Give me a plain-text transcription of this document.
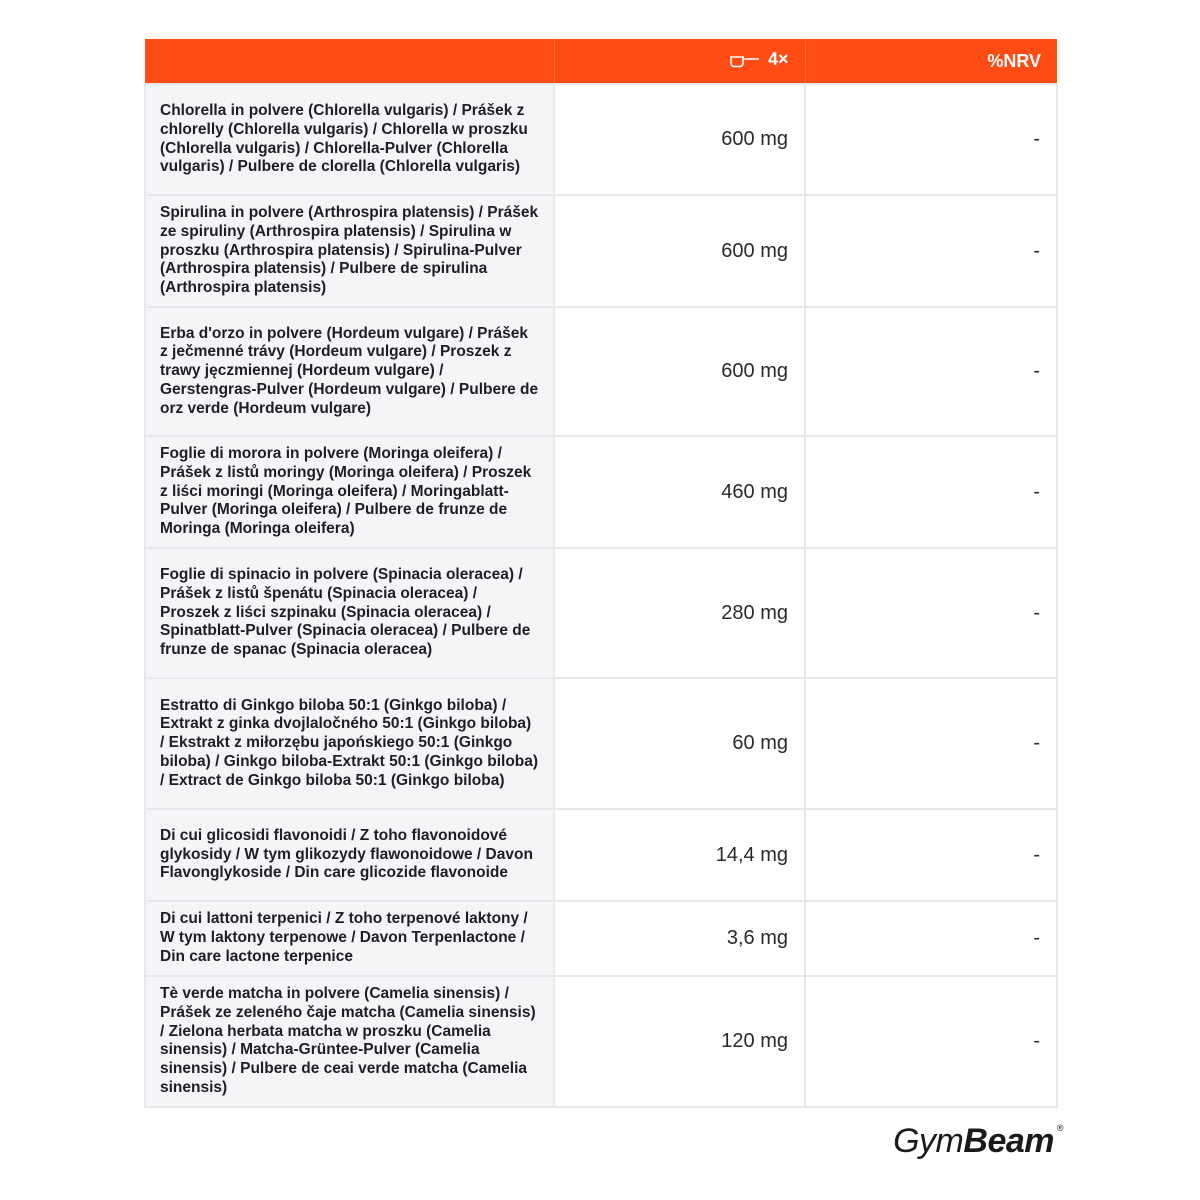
	4×	%NRV
Chlorella in polvere (Chlorella vulgaris) / Prášek z chlorelly (Chlorella vulgaris) / Chlorella w proszku (Chlorella vulgaris) / Chlorella-Pulver (Chlorella vulgaris) / Pulbere de clorella (Chlorella vulgaris)	600 mg	-
Spirulina in polvere (Arthrospira platensis) / Prášek ze spiruliny (Arthrospira platensis) / Spirulina w proszku (Arthrospira platensis) / Spirulina-Pulver (Arthrospira platensis) / Pulbere de spirulina (Arthrospira platensis)	600 mg	-
Erba d'orzo in polvere (Hordeum vulgare) / Prášek z ječmenné trávy (Hordeum vulgare) / Proszek z trawy jęczmiennej (Hordeum vulgare) / Gerstengras-Pulver (Hordeum vulgare) / Pulbere de orz verde (Hordeum vulgare)	600 mg	-
Foglie di morora in polvere (Moringa oleifera) / Prášek z listů moringy (Moringa oleifera) / Proszek z liści moringi (Moringa oleifera) / Moringablatt-Pulver (Moringa oleifera) / Pulbere de frunze de Moringa (Moringa oleifera)	460 mg	-
Foglie di spinacio in polvere (Spinacia oleracea) / Prášek z listů špenátu (Spinacia oleracea) / Proszek z liści szpinaku (Spinacia oleracea) / Spinatblatt-Pulver (Spinacia oleracea) / Pulbere de frunze de spanac (Spinacia oleracea)	280 mg	-
Estratto di Ginkgo biloba 50:1 (Ginkgo biloba) / Extrakt z ginka dvojlaločného 50:1 (Ginkgo biloba) / Ekstrakt z miłorzębu japońskiego 50:1 (Ginkgo biloba) / Ginkgo biloba-Extrakt 50:1 (Ginkgo biloba) / Extract de Ginkgo biloba 50:1 (Ginkgo biloba)	60 mg	-
Di cui glicosidi flavonoidi / Z toho flavonoidové glykosidy / W tym glikozydy flawonoidowe / Davon Flavonglykoside / Din care glicozide flavonoide	14,4 mg	-
Di cui lattoni terpenici / Z toho terpenové laktony / W tym laktony terpenowe / Davon Terpenlactone / Din care lactone terpenice	3,6 mg	-
Tè verde matcha in polvere (Camelia sinensis) / Prášek ze zeleného čaje matcha (Camelia sinensis) / Zielona herbata matcha w proszku (Camelia sinensis) / Matcha-Grüntee-Pulver (Camelia sinensis) / Pulbere de ceai verde matcha (Camelia sinensis)	120 mg	-
GymBeam ®
